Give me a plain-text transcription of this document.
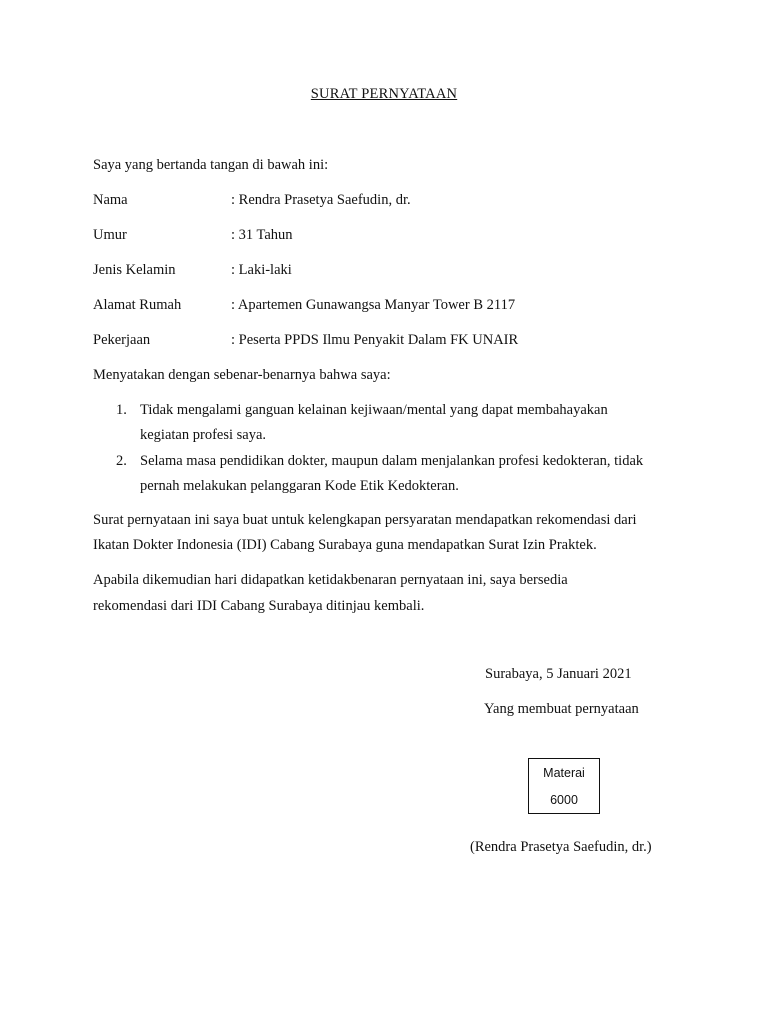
SURAT PERNYATAAN
Saya yang bertanda tangan di bawah ini:
Nama	: Rendra Prasetya Saefudin, dr.
Umur	: 31 Tahun
Jenis Kelamin	: Laki-laki
Alamat Rumah	: Apartemen Gunawangsa Manyar Tower B 2117
Pekerjaan	: Peserta PPDS Ilmu Penyakit Dalam FK UNAIR
Menyatakan dengan sebenar-benarnya bahwa saya:
1. Tidak mengalami ganguan kelainan kejiwaan/mental yang dapat membahayakan
kegiatan profesi saya.
2. Selama masa pendidikan dokter, maupun dalam menjalankan profesi kedokteran, tidak
pernah melakukan pelanggaran Kode Etik Kedokteran.
Surat pernyataan ini saya buat untuk kelengkapan persyaratan mendapatkan rekomendasi dari
Ikatan Dokter Indonesia (IDI) Cabang Surabaya guna mendapatkan Surat Izin Praktek.
Apabila dikemudian hari didapatkan ketidakbenaran pernyataan ini, saya bersedia
rekomendasi dari IDI Cabang Surabaya ditinjau kembali.
Surabaya, 5 Januari 2021
Yang membuat pernyataan
Materai
6000
(Rendra Prasetya Saefudin, dr.)
